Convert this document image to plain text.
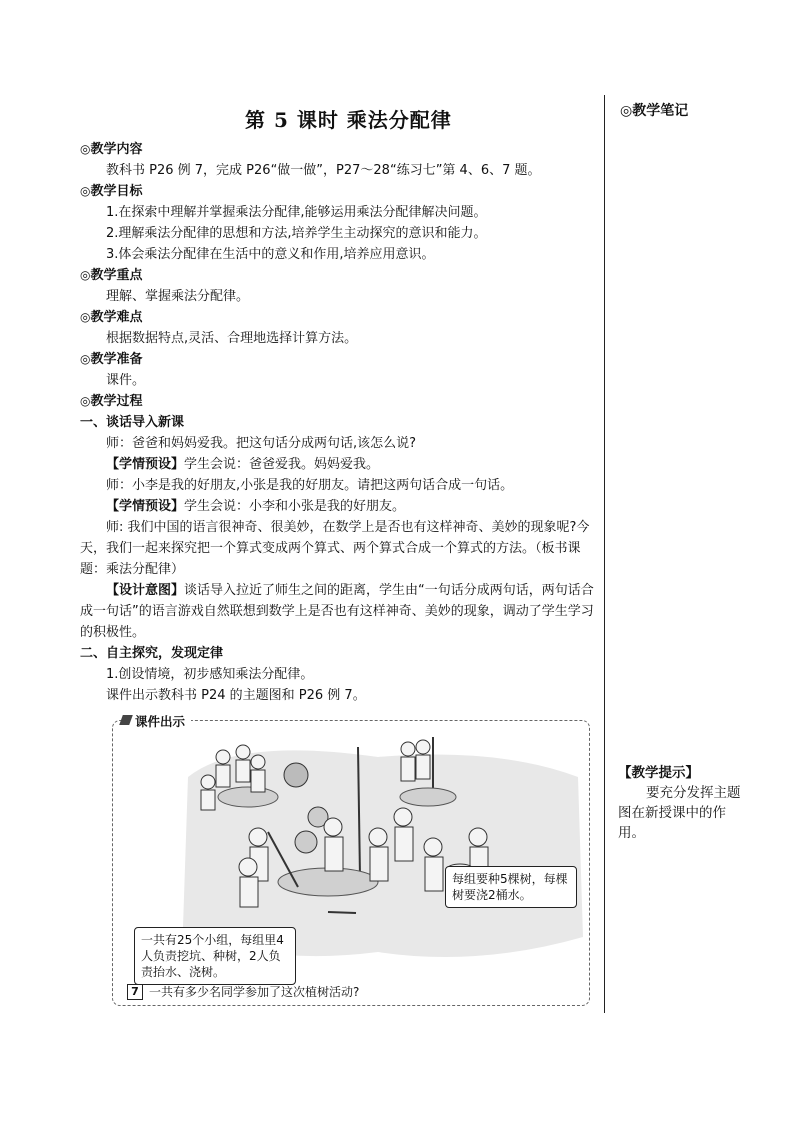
第 5 课时 乘法分配律	◎教学笔记
【教学提示】
要充分发挥主题图在新授课中的作用。

◎教学内容

教科书 P26 例 7，完成 P26“做一做”，P27～28“练习七”第 4、6、7 题。

◎教学目标

1.在探索中理解并掌握乘法分配律,能够运用乘法分配律解决问题。

2.理解乘法分配律的思想和方法,培养学生主动探究的意识和能力。

3.体会乘法分配律在生活中的意义和作用,培养应用意识。

◎教学重点

理解、掌握乘法分配律。

◎教学难点

根据数据特点,灵活、合理地选择计算方法。

◎教学准备

课件。

◎教学过程

一、谈话导入新课

师：爸爸和妈妈爱我。把这句话分成两句话,该怎么说?

【学情预设】学生会说：爸爸爱我。妈妈爱我。

师：小李是我的好朋友,小张是我的好朋友。请把这两句话合成一句话。

【学情预设】学生会说：小李和小张是我的好朋友。

师: 我们中国的语言很神奇、很美妙，在数学上是否也有这样神奇、美妙的现象呢?今天，我们一起来探究把一个算式变成两个算式、两个算式合成一个算式的方法。（板书课题：乘法分配律）

【设计意图】谈话导入拉近了师生之间的距离，学生由“一句话分成两句话，两句话合成一句话”的语言游戏自然联想到数学上是否也有这样神奇、美妙的现象，调动了学生学习的积极性。

二、自主探究，发现定律

1.创设情境，初步感知乘法分配律。

课件出示教科书 P24 的主题图和 P26 例 7。

课件出示
每组要种5棵树，每棵树要浇2桶水。
一共有25个小组，每组里4人负责挖坑、种树，2人负责抬水、浇树。
7 一共有多少名同学参加了这次植树活动?
